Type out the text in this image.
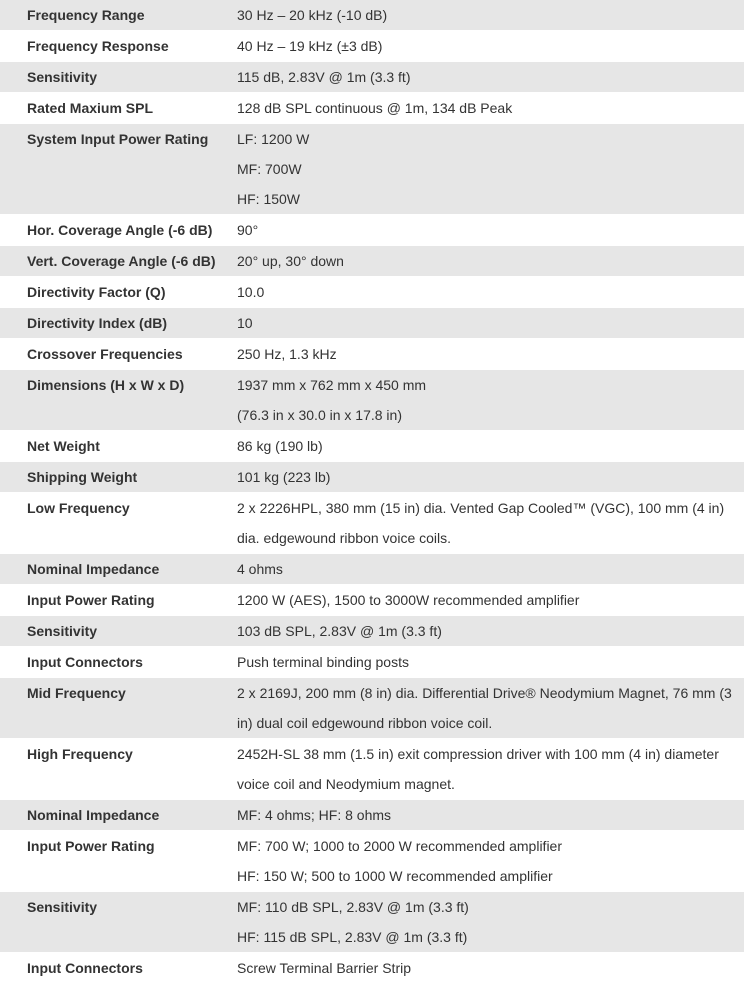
Frequency Range	30 Hz – 20 kHz (-10 dB)

Frequency Response	40 Hz – 19 kHz (±3 dB)

Sensitivity	115 dB, 2.83V @ 1m (3.3 ft)

Rated Maxium SPL	128 dB SPL continuous @ 1m, 134 dB Peak

System Input Power Rating	LF: 1200 W
MF: 700W
HF: 150W

Hor. Coverage Angle (-6 dB)	90°

Vert. Coverage Angle (-6 dB)	20° up, 30° down

Directivity Factor (Q)	10.0

Directivity Index (dB)	10

Crossover Frequencies	250 Hz, 1.3 kHz

Dimensions (H x W x D)	1937 mm x 762 mm x 450 mm
(76.3 in x 30.0 in x 17.8 in)

Net Weight	86 kg (190 lb)

Shipping Weight	101 kg (223 lb)

Low Frequency	2 x 2226HPL, 380 mm (15 in) dia. Vented Gap Cooled™ (VGC), 100 mm (4 in) dia. edgewound ribbon voice coils.

Nominal Impedance	4 ohms

Input Power Rating	1200 W (AES), 1500 to 3000W recommended amplifier

Sensitivity	103 dB SPL, 2.83V @ 1m (3.3 ft)

Input Connectors	Push terminal binding posts

Mid Frequency	2 x 2169J, 200 mm (8 in) dia. Differential Drive® Neodymium Magnet, 76 mm (3 in) dual coil edgewound ribbon voice coil.

High Frequency	2452H-SL 38 mm (1.5 in) exit compression driver with 100 mm (4 in) diameter voice coil and Neodymium magnet.

Nominal Impedance	MF: 4 ohms; HF: 8 ohms

Input Power Rating	MF: 700 W; 1000 to 2000 W recommended amplifier
HF: 150 W; 500 to 1000 W recommended amplifier

Sensitivity	MF: 110 dB SPL, 2.83V @ 1m (3.3 ft)
HF: 115 dB SPL, 2.83V @ 1m (3.3 ft)

Input Connectors	Screw Terminal Barrier Strip
